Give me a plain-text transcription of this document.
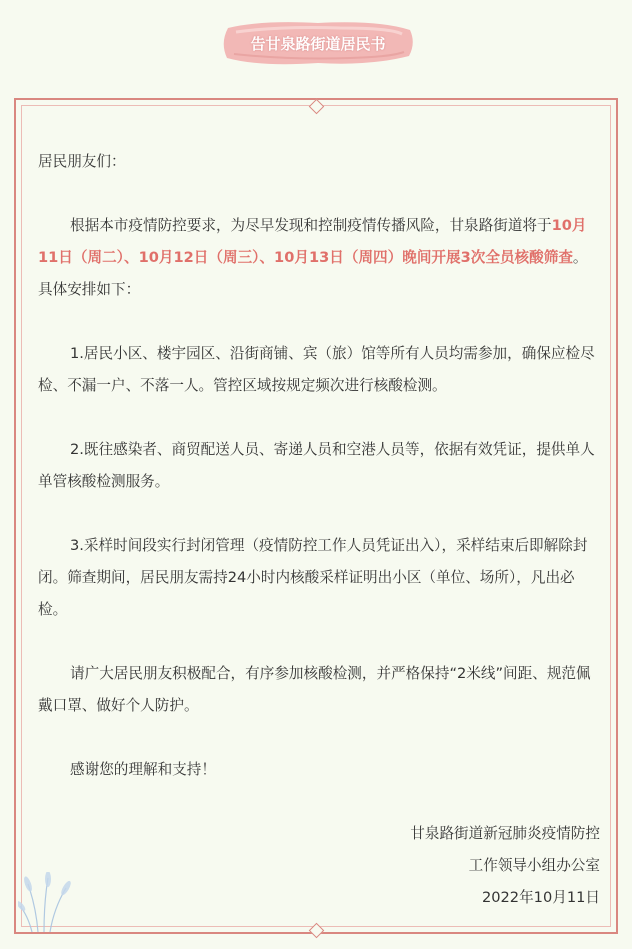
告甘泉路街道居民书

居民朋友们：

根据本市疫情防控要求，为尽早发现和控制疫情传播风险，甘泉路街道将于10月11日（周二）、10月12日（周三）、10月13日（周四）晚间开展3次全员核酸筛查。具体安排如下：

1.居民小区、楼宇园区、沿街商铺、宾（旅）馆等所有人员均需参加，确保应检尽检、不漏一户、不落一人。管控区域按规定频次进行核酸检测。

2.既往感染者、商贸配送人员、寄递人员和空港人员等，依据有效凭证，提供单人单管核酸检测服务。

3.采样时间段实行封闭管理（疫情防控工作人员凭证出入），采样结束后即解除封闭。筛查期间，居民朋友需持24小时内核酸采样证明出小区（单位、场所），凡出必检。

请广大居民朋友积极配合，有序参加核酸检测，并严格保持“2米线”间距、规范佩戴口罩、做好个人防护。

感谢您的理解和支持！

甘泉路街道新冠肺炎疫情防控

工作领导小组办公室

2022年10月11日
